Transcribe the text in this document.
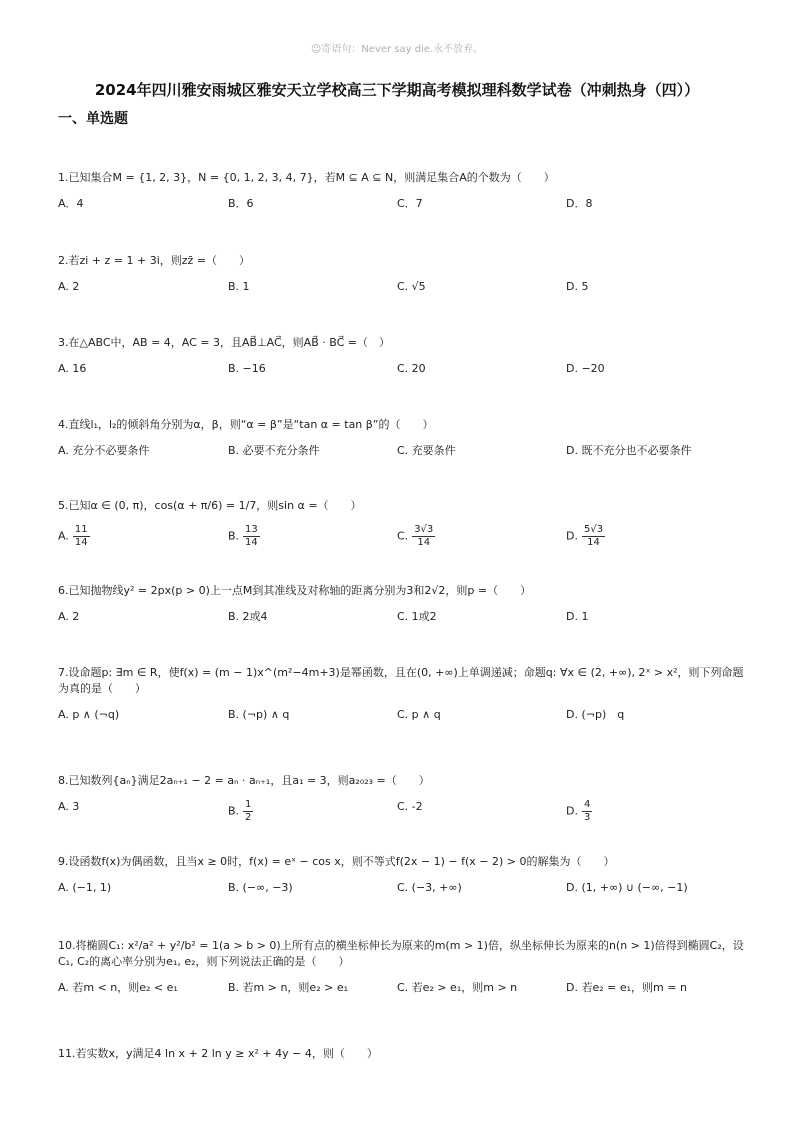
☺寄语句：Never say die.永不放弃。
2024年四川雅安雨城区雅安天立学校高三下学期高考模拟理科数学试卷（冲刺热身（四））
一、单选题
1.已知集合M = {1, 2, 3}，N = {0, 1, 2, 3, 4, 7}，若M ⊆ A ⊆ N，则满足集合A的个数为（　　）
A．4	B．6	C．7	D．8
2.若zi + z = 1 + 3i，则zz̄ =（　　）
A. 2	B. 1	C. √5	D. 5
3.在△ABC中，AB = 4，AC = 3，且AB⃗⊥AC⃗，则AB⃗ · BC⃗ =（　）
A. 16	B. −16	C. 20	D. −20
4.直线l₁，l₂的倾斜角分别为α，β，则“α = β”是“tan α = tan β”的（　　）
A. 充分不必要条件	B. 必要不充分条件	C. 充要条件	D. 既不充分也不必要条件
5.已知α ∈ (0, π)，cos(α + π/6) = 1/7，则sin α =（　　）
A. $\frac{11}{14}$	B. $\frac{13}{14}$	C. $\frac{3√3}{14}$	D. $\frac{5√3}{14}$
6.已知抛物线y² = 2px(p > 0)上一点M到其准线及对称轴的距离分别为3和2√2，则p =（　　）
A. 2	B. 2或4	C. 1或2	D. 1
7.设命题p: ∃m ∈ R，使f(x) = (m − 1)x^(m²−4m+3)是幂函数，且在(0, +∞)上单调递减；命题q: ∀x ∈ (2, +∞), 2ˣ > x²，则下列命题为真的是（　　）
A. p ∧ (¬q)	B. (¬p) ∧ q	C. p ∧ q	D. (¬p)　q
8.已知数列{aₙ}满足2aₙ₊₁ − 2 = aₙ · aₙ₊₁，且a₁ = 3，则a₂₀₂₃ =（　　）
A. 3	B. $\frac{1}{2}$	C. -2	D. $\frac{4}{3}$
9.设函数f(x)为偶函数，且当x ≥ 0时，f(x) = eˣ − cos x，则不等式f(2x − 1) − f(x − 2) > 0的解集为（　　）
A. (−1, 1)	B. (−∞, −3)	C. (−3, +∞)	D. (1, +∞) ∪ (−∞, −1)
10.将椭圆C₁: x²/a² + y²/b² = 1(a > b > 0)上所有点的横坐标伸长为原来的m(m > 1)倍，纵坐标伸长为原来的n(n > 1)倍得到椭圆C₂，设C₁, C₂的离心率分别为e₁, e₂，则下列说法正确的是（　　）
A. 若m < n，则e₂ < e₁	B. 若m > n，则e₂ > e₁	C. 若e₂ > e₁，则m > n	D. 若e₂ = e₁，则m = n
11.若实数x，y满足4 ln x + 2 ln y ≥ x² + 4y − 4，则（　　）
